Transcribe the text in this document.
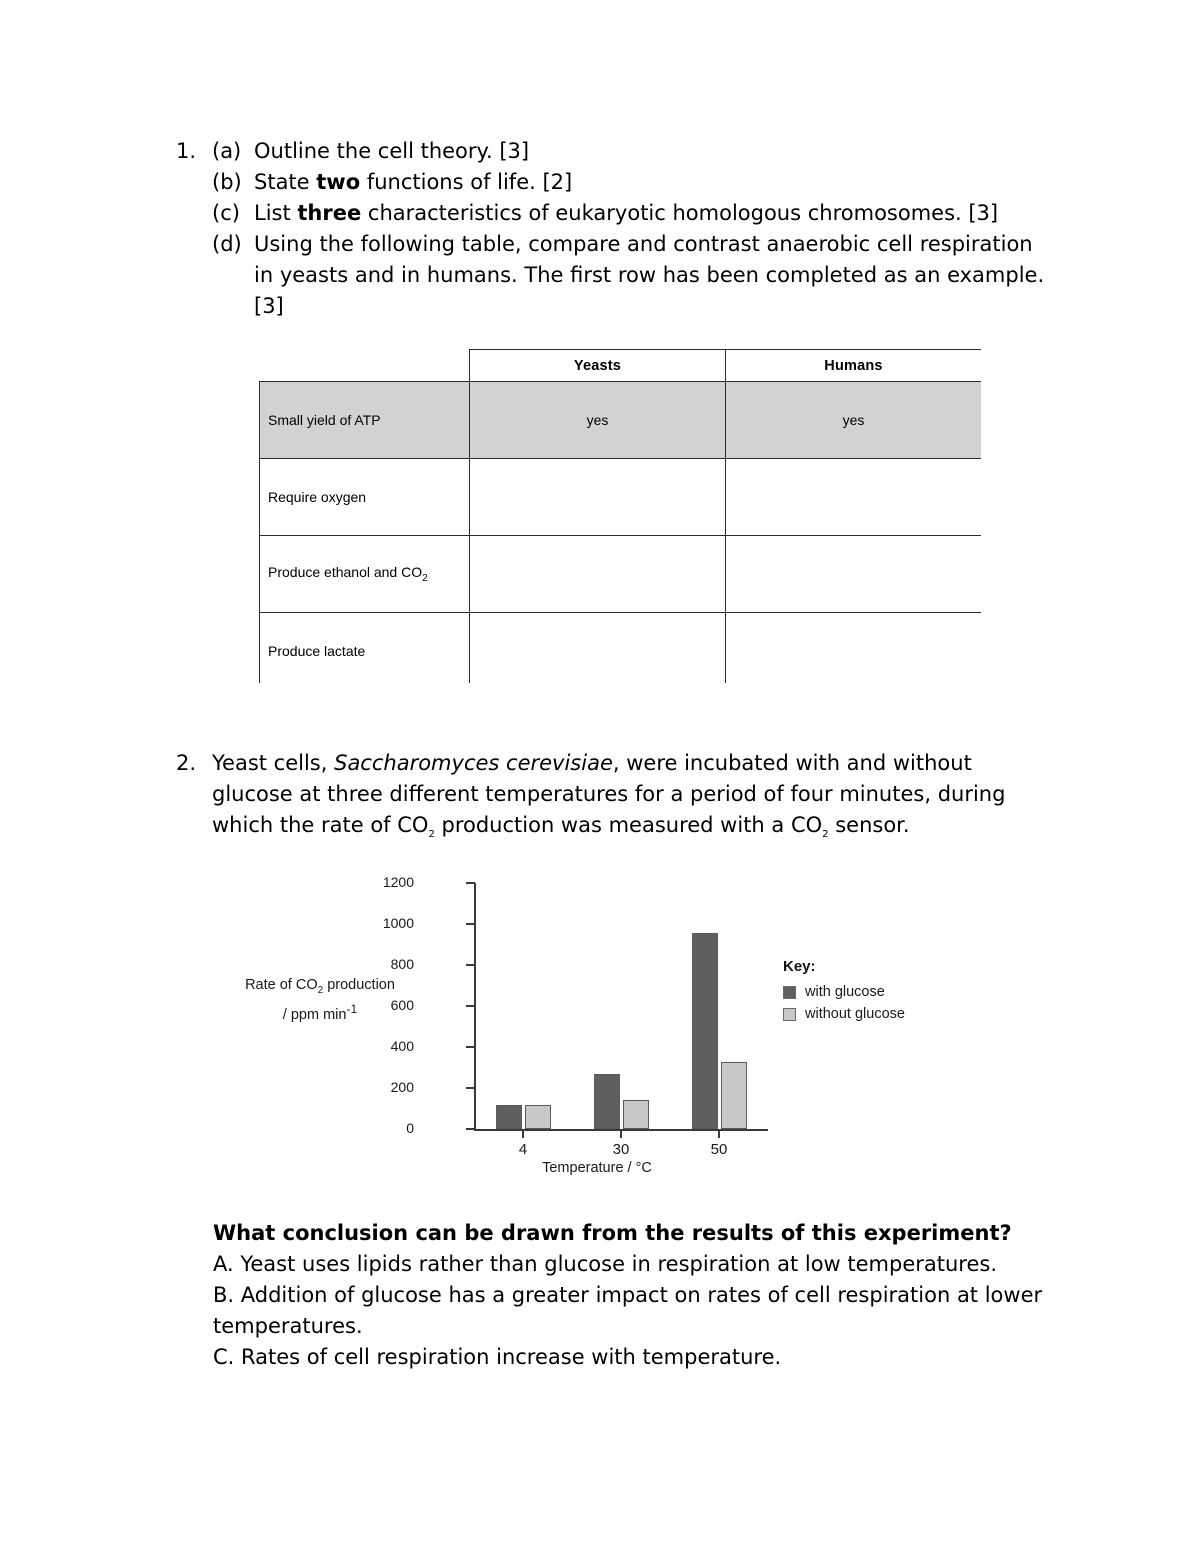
1. (a) Outline the cell theory. [3]
(b) State two functions of life. [2]
(c) List three characteristics of eukaryotic homologous chromosomes. [3]
(d) Using the following table, compare and contrast anaerobic cell respiration in yeasts and in humans. The first row has been completed as an example. [3]
	Yeasts	Humans
Small yield of ATP	yes	yes
Require oxygen		
Produce ethanol and $CO_2$		
Produce lactate		
2. Yeast cells, Saccharomyces cerevisiae, were incubated with and without glucose at three different temperatures for a period of four minutes, during which the rate of $CO_2$ production was measured with a $CO_2$ sensor.
Rate of $CO_2$ production
/ ppm $\min^{-1}$
0
200
400
600
800
1000
1200
4	30	50
Temperature / °C
Key:
with glucose
without glucose
What conclusion can be drawn from the results of this experiment?
A. Yeast uses lipids rather than glucose in respiration at low temperatures.
B. Addition of glucose has a greater impact on rates of cell respiration at lower temperatures.
C. Rates of cell respiration increase with temperature.
